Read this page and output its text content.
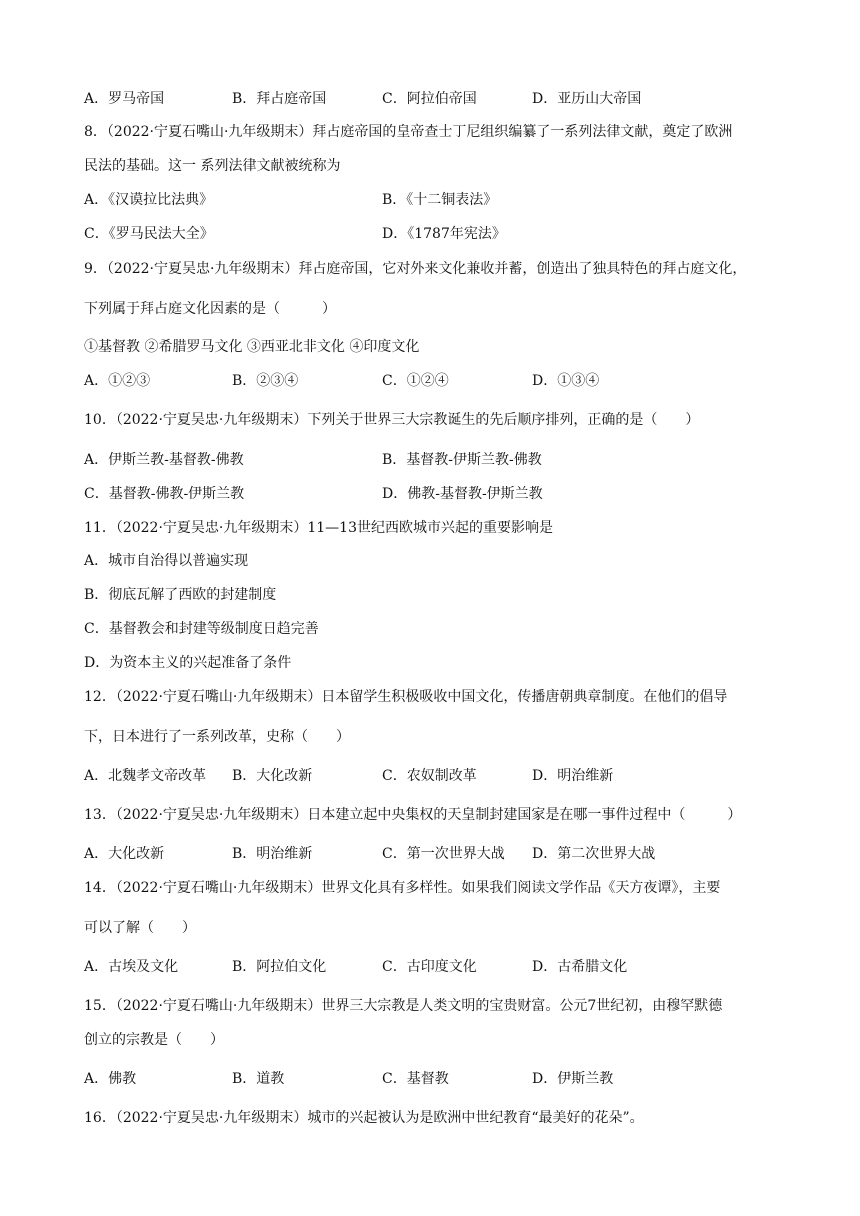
A．罗马帝国	B．拜占庭帝国	C．阿拉伯帝国	D．亚历山大帝国
8．（2022·宁夏石嘴山·九年级期末）拜占庭帝国的皇帝查士丁尼组织编纂了一系列法律文献，奠定了欧洲
民法的基础。这一 系列法律文献被统称为
A．《汉谟拉比法典》	B．《十二铜表法》
C．《罗马民法大全》	D．《1787年宪法》
9．（2022·宁夏吴忠·九年级期末）拜占庭帝国，它对外来文化兼收并蓄，创造出了独具特色的拜占庭文化，
下列属于拜占庭文化因素的是（　　　）
①基督教 ②希腊罗马文化 ③西亚北非文化 ④印度文化
A．①②③	B．②③④	C．①②④	D．①③④
10．（2022·宁夏吴忠·九年级期末）下列关于世界三大宗教诞生的先后顺序排列，正确的是（　　）
A．伊斯兰教-基督教-佛教	B．基督教-伊斯兰教-佛教
C．基督教-佛教-伊斯兰教	D．佛教-基督教-伊斯兰教
11．（2022·宁夏吴忠·九年级期末）11—13世纪西欧城市兴起的重要影响是
A．城市自治得以普遍实现
B．彻底瓦解了西欧的封建制度
C．基督教会和封建等级制度日趋完善
D．为资本主义的兴起准备了条件
12．（2022·宁夏石嘴山·九年级期末）日本留学生积极吸收中国文化，传播唐朝典章制度。在他们的倡导
下，日本进行了一系列改革，史称（　　）
A．北魏孝文帝改革 B．大化改新	C．农奴制改革	D．明治维新
13．（2022·宁夏吴忠·九年级期末）日本建立起中央集权的天皇制封建国家是在哪一事件过程中（　　　）
A．大化改新	B．明治维新	C．第一次世界大战 D．第二次世界大战
14．（2022·宁夏石嘴山·九年级期末）世界文化具有多样性。如果我们阅读文学作品《天方夜谭》，主要
可以了解（　　）
A．古埃及文化	B．阿拉伯文化	C．古印度文化	D．古希腊文化
15．（2022·宁夏石嘴山·九年级期末）世界三大宗教是人类文明的宝贵财富。公元7世纪初，由穆罕默德
创立的宗教是（　　）
A．佛教	B．道教	C．基督教	D．伊斯兰教
16．（2022·宁夏吴忠·九年级期末）城市的兴起被认为是欧洲中世纪教育“最美好的花朵”。
